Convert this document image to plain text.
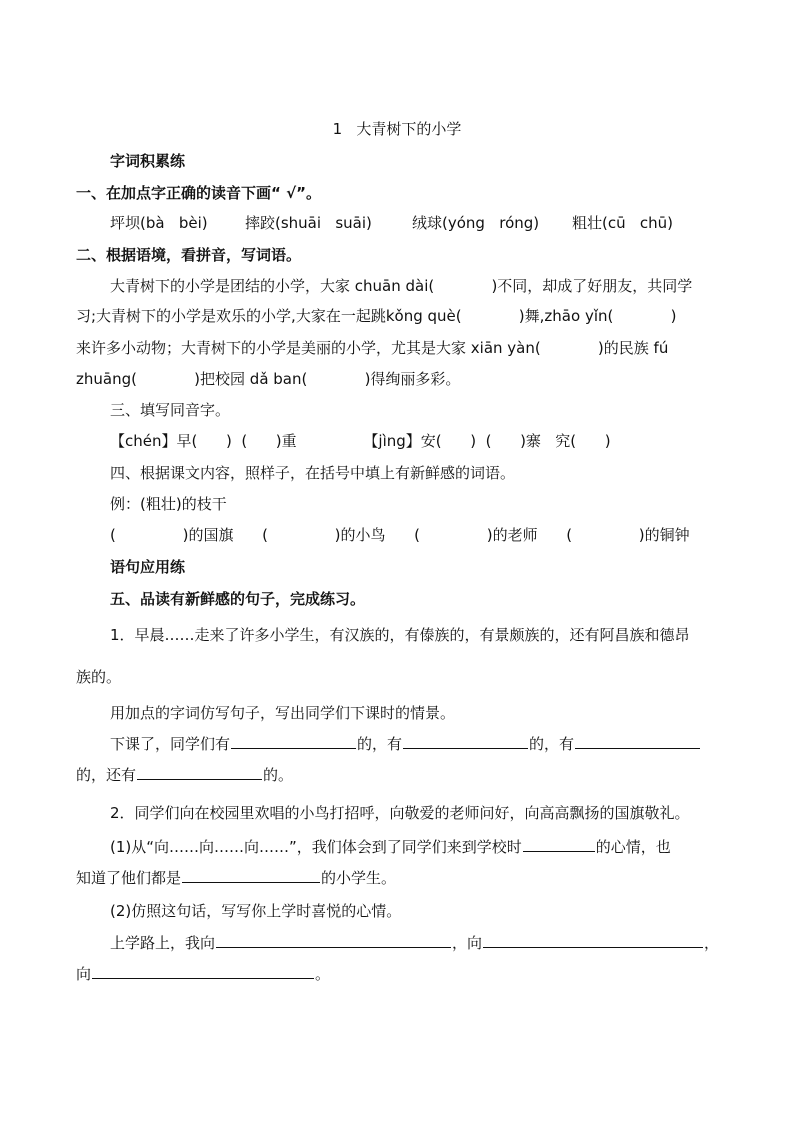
1   大青树下的小学
字词积累练
一、在加点字正确的读音下画“ √”。
坪坝(bà   bèi) 摔跤(shuāi   suāi)	绒球(yóng   róng) 粗壮(cū   chū)
二、根据语境，看拼音，写词语。
大青树下的小学是团结的小学，大家 chuān dài(            )不同，却成了好朋友，共同学
习;大青树下的小学是欢乐的小学,大家在一起跳kǒng què(            )舞,zhāo yǐn(            )
来许多小动物；大青树下的小学是美丽的小学，尤其是大家 xiān yàn(            )的民族 fú
zhuāng(            )把校园 dǎ ban(            )得绚丽多彩。
三、填写同音字。
【chén】早(      )  (      )重              【jìng】安(      )  (      )寨   究(      )
四、根据课文内容，照样子，在括号中填上有新鲜感的词语。
例：(粗壮)的枝干
(              )的国旗      (              )的小鸟      (              )的老师      (              )的铜钟
语句应用练
五、品读有新鲜感的句子，完成练习。
1．早晨……走来了许多小学生，有汉族的，有傣族的，有景颇族的，还有阿昌族和德昂
族的。
用加点的字词仿写句子，写出同学们下课时的情景。
下课了，同学们有	的，有	的，有
的，还有	的。
2．同学们向在校园里欢唱的小鸟打招呼，向敬爱的老师问好，向高高飘扬的国旗敬礼。
(1)从“向……向……向……”，我们体会到了同学们来到学校时	的心情，也
知道了他们都是	的小学生。
(2)仿照这句话，写写你上学时喜悦的心情。
上学路上，我向	，向	，
向	。
